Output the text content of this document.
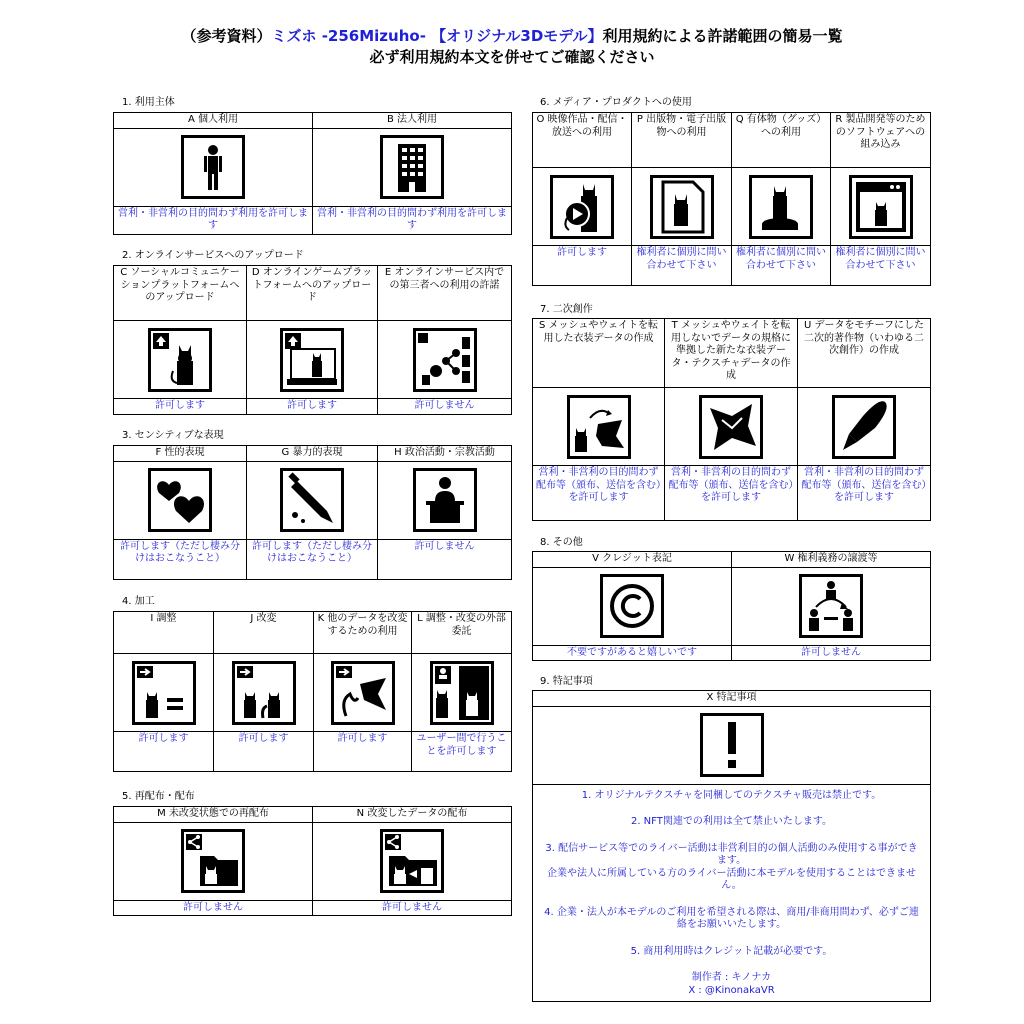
（参考資料）ミズホ -256Mizuho- 【オリジナル3Dモデル】利用規約による許諾範囲の簡易一覧
必ず利用規約本文を併せてご確認ください
1. 利用主体
A 個人利用	B 法人利用

営利・非営利の目的問わず利用を許可します	営利・非営利の目的問わず利用を許可します
2. オンラインサービスへのアップロード
C ソーシャルコミュニケーションプラットフォームへのアップロード	D オンラインゲームプラットフォームへのアップロード	E オンラインサービス内での第三者への利用の許諾

許可します	許可します	許可しません
3. センシティブな表現
F 性的表現	G 暴力的表現	H 政治活動・宗教活動

許可します（ただし棲み分けはおこなうこと）	許可します（ただし棲み分けはおこなうこと）	許可しません
4. 加工
I 調整	J 改変	K 他のデータを改変するための利用	L 調整・改変の外部委託

許可します	許可します	許可します	ユーザー間で行うことを許可します
5. 再配布・配布
M 未改変状態での再配布	N 改変したデータの配布

許可しません	許可しません
6. メディア・プロダクトへの使用
O 映像作品・配信・放送への利用	P 出版物・電子出版物への利用	Q 有体物（グッズ）への利用	R 製品開発等のためのソフトウェアへの組み込み

許可します	権利者に個別に問い合わせて下さい	権利者に個別に問い合わせて下さい	権利者に個別に問い合わせて下さい
7. 二次創作
S メッシュやウェイトを転用した衣装データの作成	T メッシュやウェイトを転用しないでデータの規格に準拠した新たな衣装データ・テクスチャデータの作成	U データをモチーフにした二次的著作物（いわゆる二次創作）の作成

営利・非営利の目的問わず配布等（頒布、送信を含む）を許可します	営利・非営利の目的問わず配布等（頒布、送信を含む）を許可します	営利・非営利の目的問わず配布等（頒布、送信を含む）を許可します
8. その他
V クレジット表記	W 権利義務の譲渡等

不要ですがあると嬉しいです	許可しません
9. 特記事項
X 特記事項

1. オリジナルテクスチャを同梱してのテクスチャ販売は禁止です。

2. NFT関連での利用は全て禁止いたします。

3. 配信サービス等でのライバー活動は非営利目的の個人活動のみ使用する事ができます。

企業や法人に所属している方のライバー活動に本モデルを使用することはできません。

4. 企業・法人が本モデルのご利用を希望される際は、商用/非商用問わず、必ずご連絡をお願いいたします。

5. 商用利用時はクレジット記載が必要です。

制作者 : キノナカ
X : @KinonakaVR
